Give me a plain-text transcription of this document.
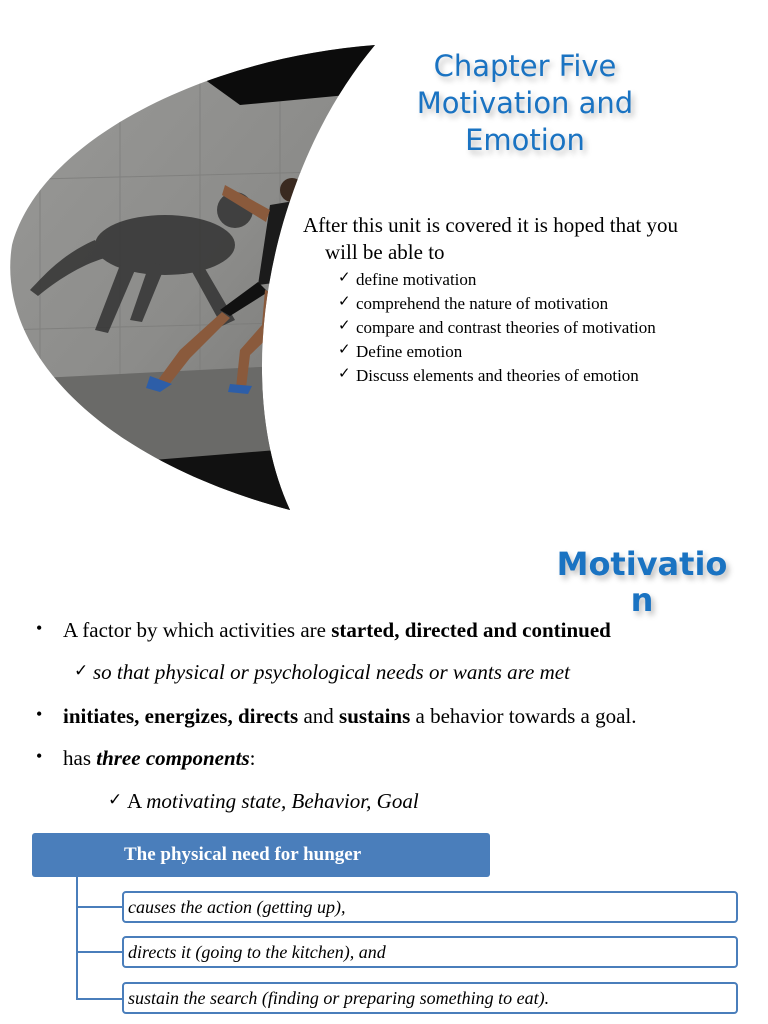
Chapter Five
Motivation and
Emotion
After this unit is covered it is hoped that you
will be able to
✓ define motivation
✓ comprehend the nature of motivation
✓ compare and contrast theories of motivation
✓ Define emotion
✓ Discuss elements and theories of emotion
Motivation
• A factor by which activities are started, directed and continued
✓ so that physical or psychological needs or wants are met
• initiates, energizes, directs and sustains a behavior towards a goal.
• has three components:
✓ A motivating state, Behavior, Goal
The physical need for hunger
causes the action (getting up),
directs it (going to the kitchen), and
sustain the search (finding or preparing something to eat).
